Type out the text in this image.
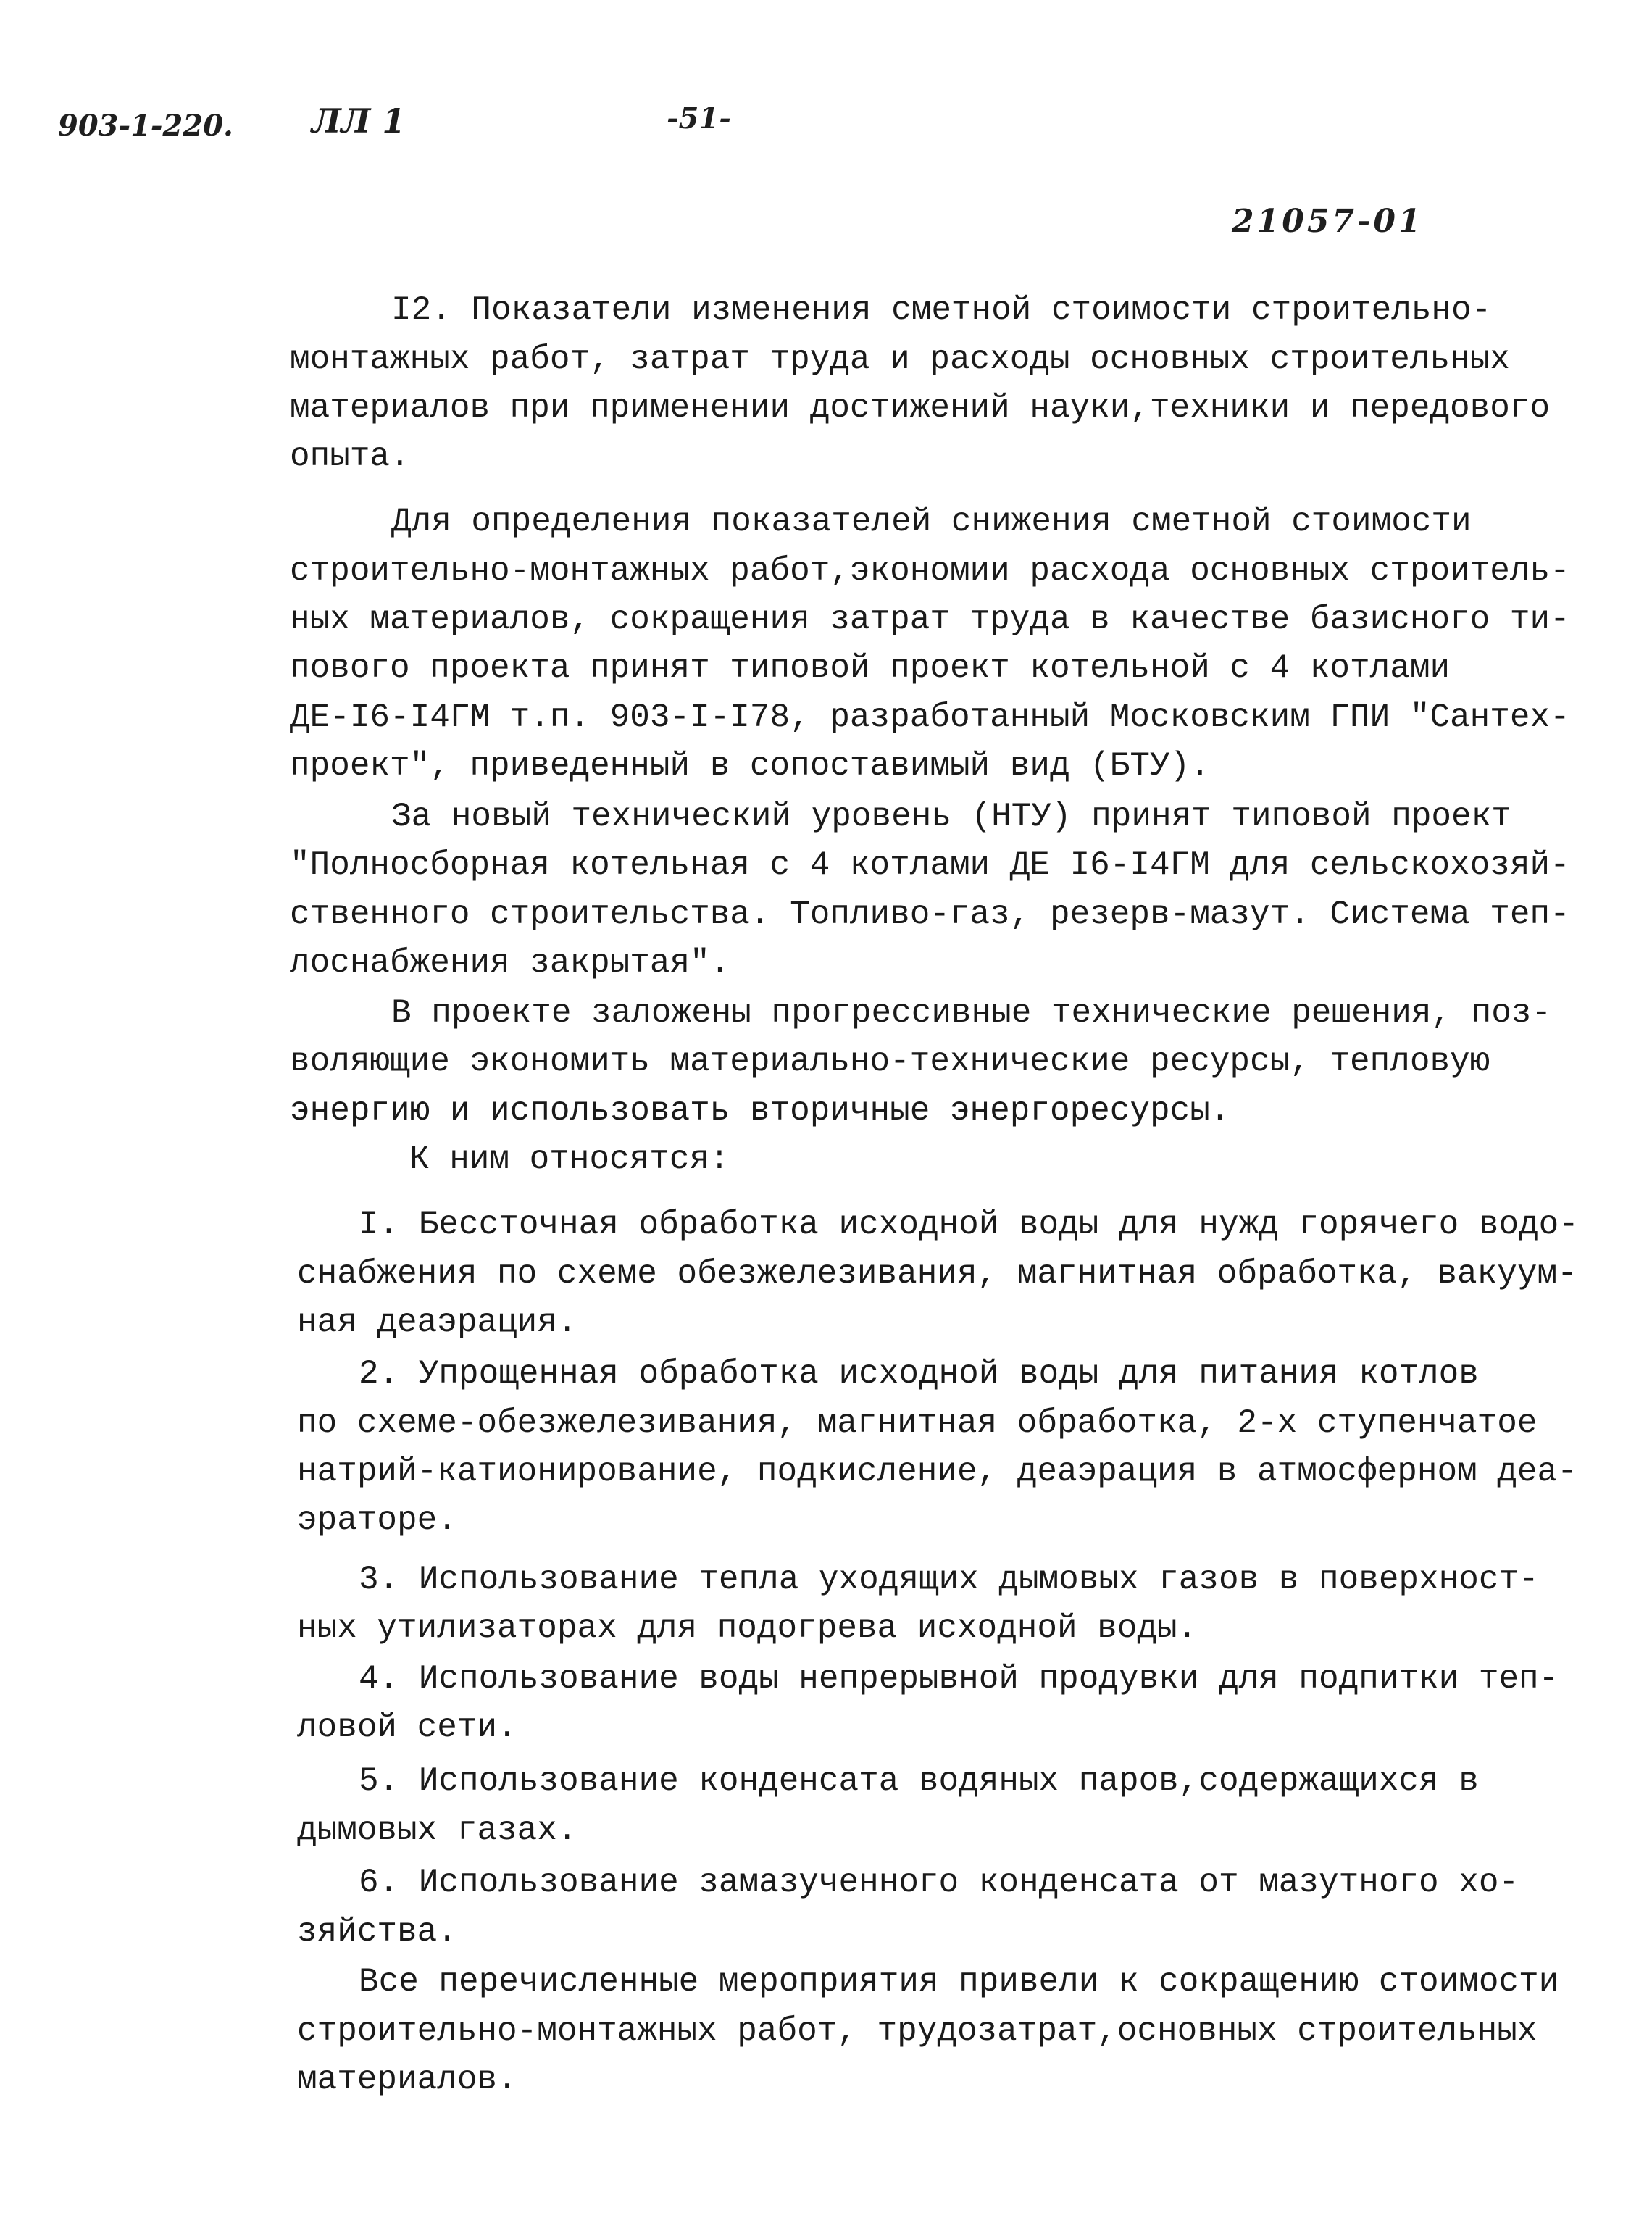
903-1-220. ЛЛ 1	-51-
21057-01
I2. Показатели изменения сметной стоимости строительно-
монтажных работ, затрат труда и расходы основных строительных
материалов при применении достижений науки,техники и передового
опыта.
Для определения показателей снижения сметной стоимости
строительно-монтажных работ,экономии расхода основных строитель-
ных материалов, сокращения затрат труда в качестве базисного ти-
пового проекта принят типовой проект котельной с 4 котлами
ДЕ-I6-I4ГМ т.п. 903-I-I78, разработанный Московским ГПИ "Сантех-
проект", приведенный в сопоставимый вид (БТУ).
За новый технический уровень (НТУ) принят типовой проект
"Полносборная котельная с 4 котлами ДЕ I6-I4ГМ для сельскохозяй-
ственного строительства. Топливо-газ, резерв-мазут. Система теп-
лоснабжения закрытая".
В проекте заложены прогрессивные технические решения, поз-
воляющие экономить материально-технические ресурсы, тепловую
энергию и использовать вторичные энергоресурсы.
К ним относятся:
I. Бессточная обработка исходной воды для нужд горячего водо-
снабжения по схеме обезжелезивания, магнитная обработка, вакуум-
ная деаэрация.
2. Упрощенная обработка исходной воды для питания котлов
по схеме-обезжелезивания, магнитная обработка, 2-х ступенчатое
натрий-катионирование, подкисление, деаэрация в атмосферном деа-
эраторе.
3. Использование тепла уходящих дымовых газов в поверхност-
ных утилизаторах для подогрева исходной воды.
4. Использование воды непрерывной продувки для подпитки теп-
ловой сети.
5. Использование конденсата водяных паров,содержащихся в
дымовых газах.
6. Использование замазученного конденсата от мазутного хо-
зяйства.
Все перечисленные мероприятия привели к сокращению стоимости
строительно-монтажных работ, трудозатрат,основных строительных
материалов.
